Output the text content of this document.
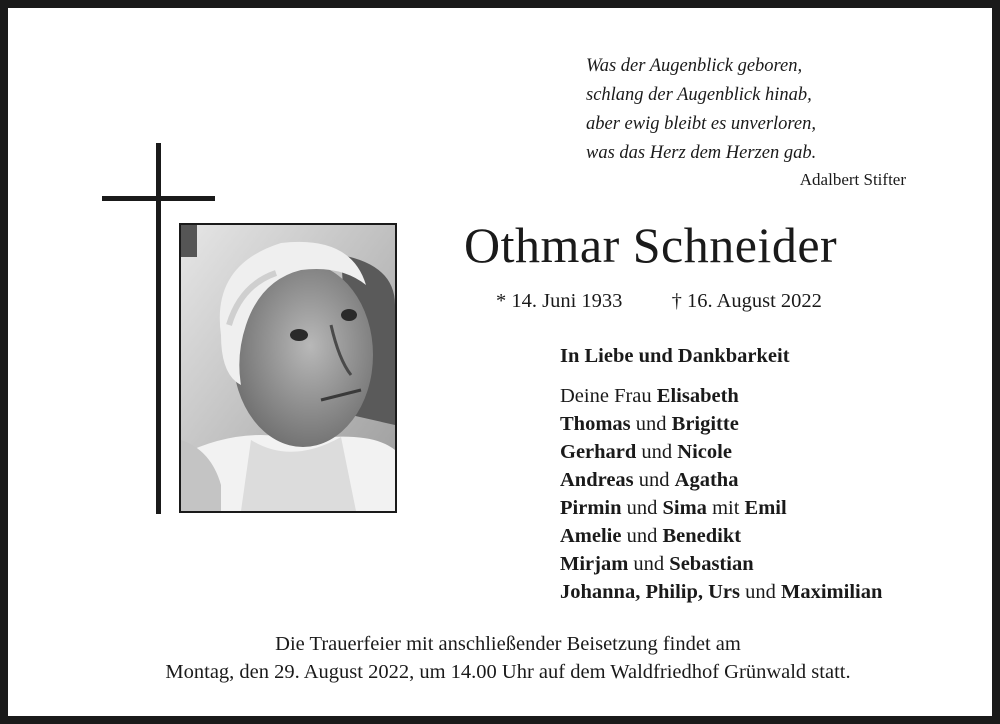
Was der Augenblick geboren,
schlang der Augenblick hinab,
aber ewig bleibt es unverloren,
was das Herz dem Herzen gab.
Adalbert Stifter
Othmar Schneider
* 14. Juni 1933 † 16. August 2022
In Liebe und Dankbarkeit
Deine Frau Elisabeth
Thomas und Brigitte
Gerhard und Nicole
Andreas und Agatha
Pirmin und Sima mit Emil
Amelie und Benedikt
Mirjam und Sebastian
Johanna, Philip, Urs und Maximilian
Die Trauerfeier mit anschließender Beisetzung findet am
Montag, den 29. August 2022, um 14.00 Uhr auf dem Waldfriedhof Grünwald statt.
